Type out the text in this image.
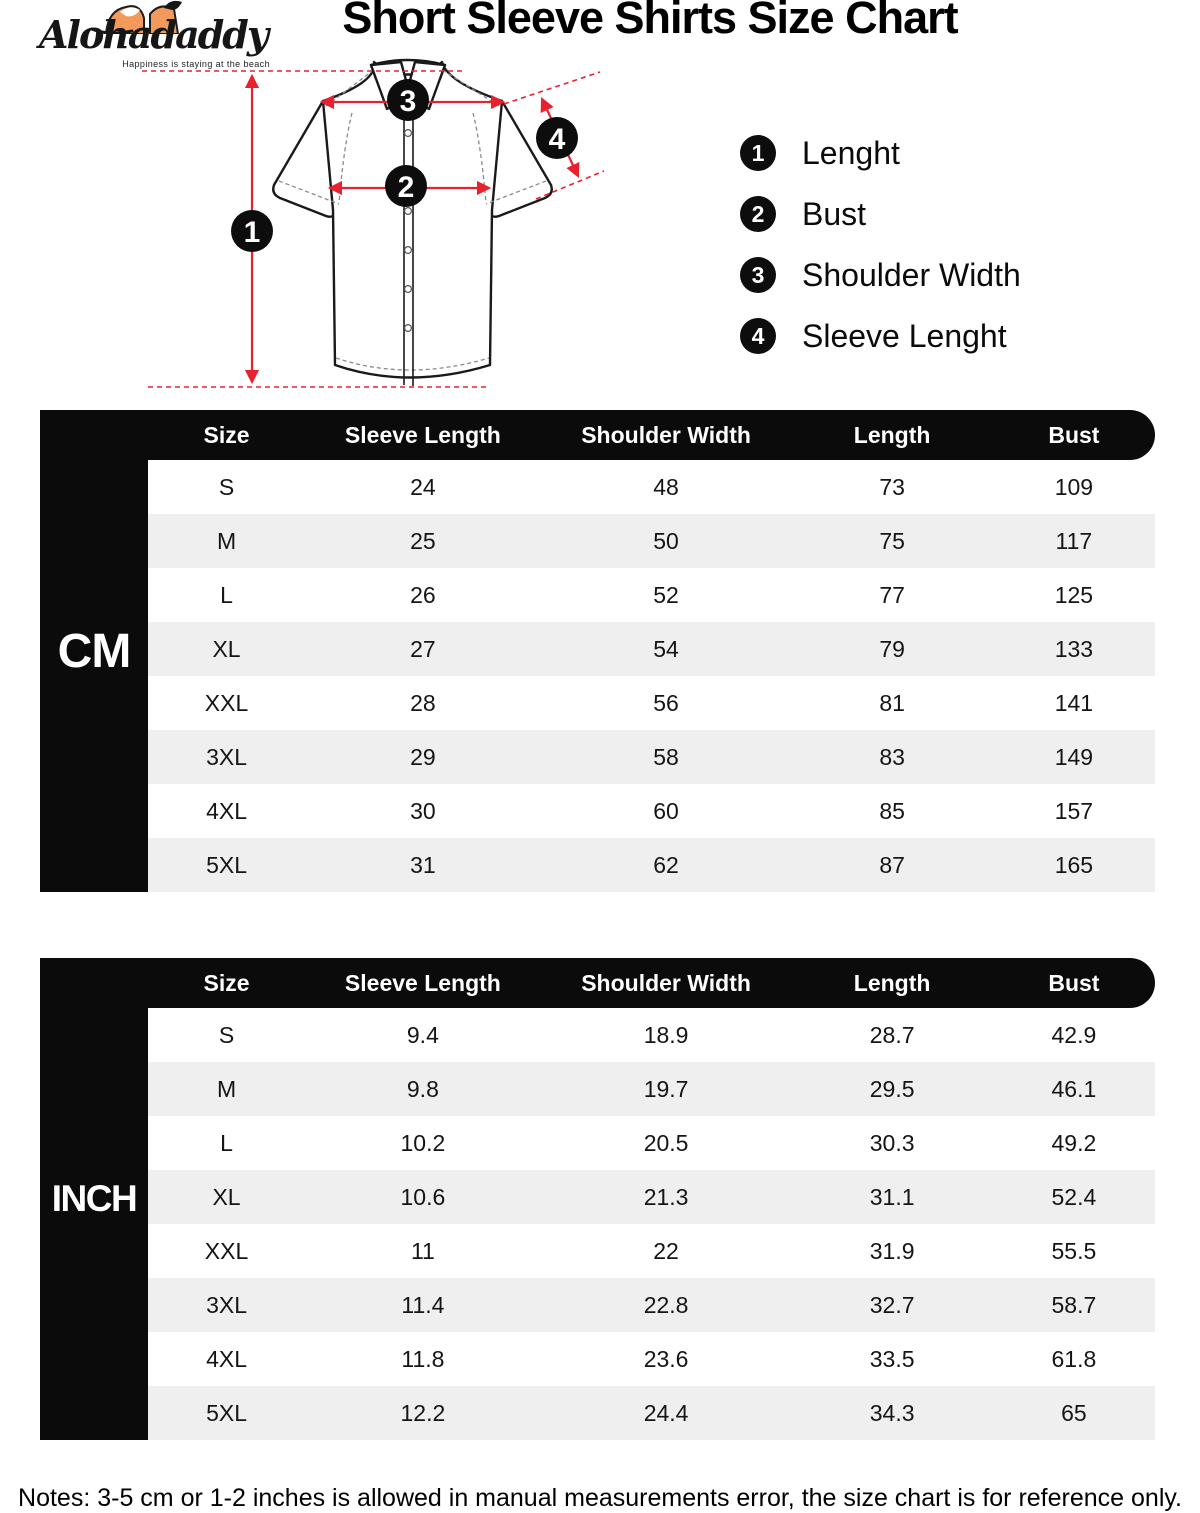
Alohadaddy
Happiness is staying at the beach
Short Sleeve Shirts Size Chart
1
2
3
4	1	Lenght
2	Bust
3	Shoulder Width
4	Sleeve Lenght
CM
Size	Sleeve Length	Shoulder Width	Length	Bust
S	24	48	73	109
M	25	50	75	117
L	26	52	77	125
XL	27	54	79	133
XXL	28	56	81	141
3XL	29	58	83	149
4XL	30	60	85	157
5XL	31	62	87	165
INCH
Size	Sleeve Length	Shoulder Width	Length	Bust
S	9.4	18.9	28.7	42.9
M	9.8	19.7	29.5	46.1
L	10.2	20.5	30.3	49.2
XL	10.6	21.3	31.1	52.4
XXL	11	22	31.9	55.5
3XL	11.4	22.8	32.7	58.7
4XL	11.8	23.6	33.5	61.8
5XL	12.2	24.4	34.3	65
Notes: 3-5 cm or 1-2 inches is allowed in manual measurements error, the size chart is for reference only.
